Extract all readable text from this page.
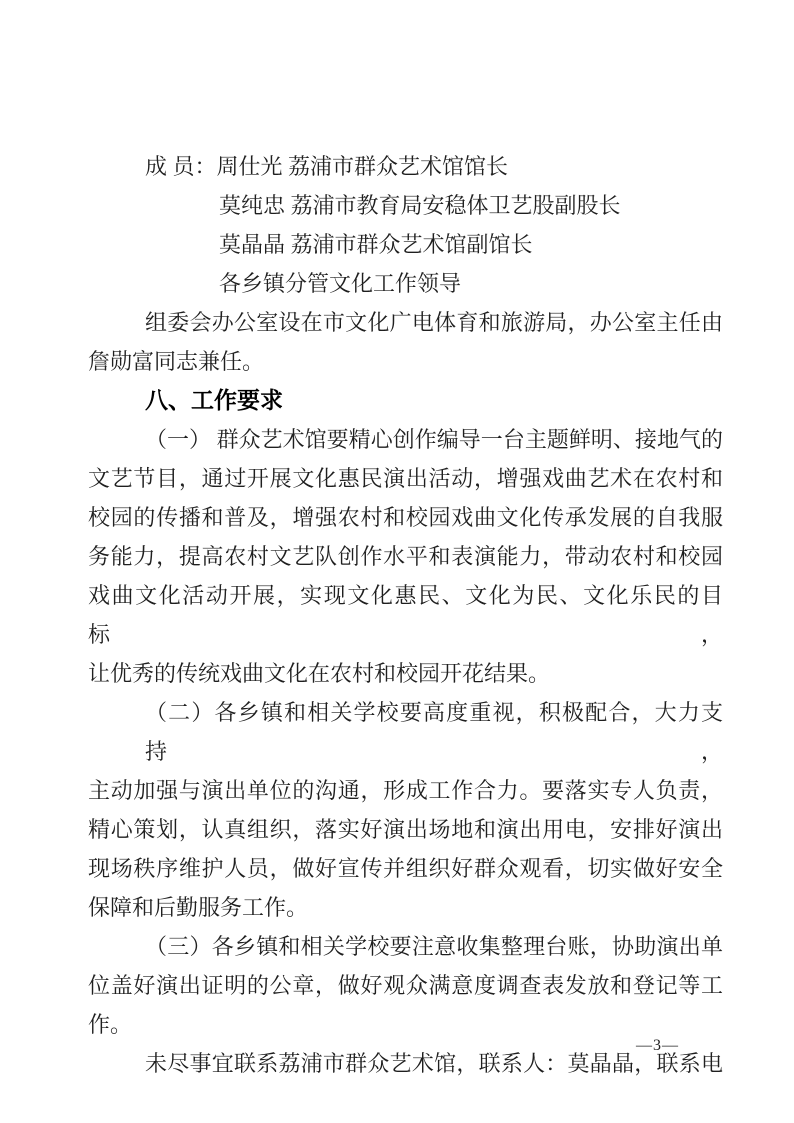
成 员：周仕光 荔浦市群众艺术馆馆长
莫纯忠 荔浦市教育局安稳体卫艺股副股长
莫晶晶 荔浦市群众艺术馆副馆长
各乡镇分管文化工作领导
组委会办公室设在市文化广电体育和旅游局，办公室主任由
詹勋富同志兼任。
八、工作要求
（一） 群众艺术馆要精心创作编导一台主题鲜明、接地气的
文艺节目，通过开展文化惠民演出活动，增强戏曲艺术在农村和
校园的传播和普及，增强农村和校园戏曲文化传承发展的自我服
务能力，提高农村文艺队创作水平和表演能力，带动农村和校园
戏曲文化活动开展，实现文化惠民、文化为民、文化乐民的目标，
让优秀的传统戏曲文化在农村和校园开花结果。
（二）各乡镇和相关学校要高度重视，积极配合，大力支持，
主动加强与演出单位的沟通，形成工作合力。要落实专人负责，
精心策划，认真组织，落实好演出场地和演出用电，安排好演出
现场秩序维护人员，做好宣传并组织好群众观看，切实做好安全
保障和后勤服务工作。
（三）各乡镇和相关学校要注意收集整理台账，协助演出单
位盖好演出证明的公章，做好观众满意度调查表发放和登记等工
作。
未尽事宜联系荔浦市群众艺术馆，联系人：莫晶晶，联系电
—3—
